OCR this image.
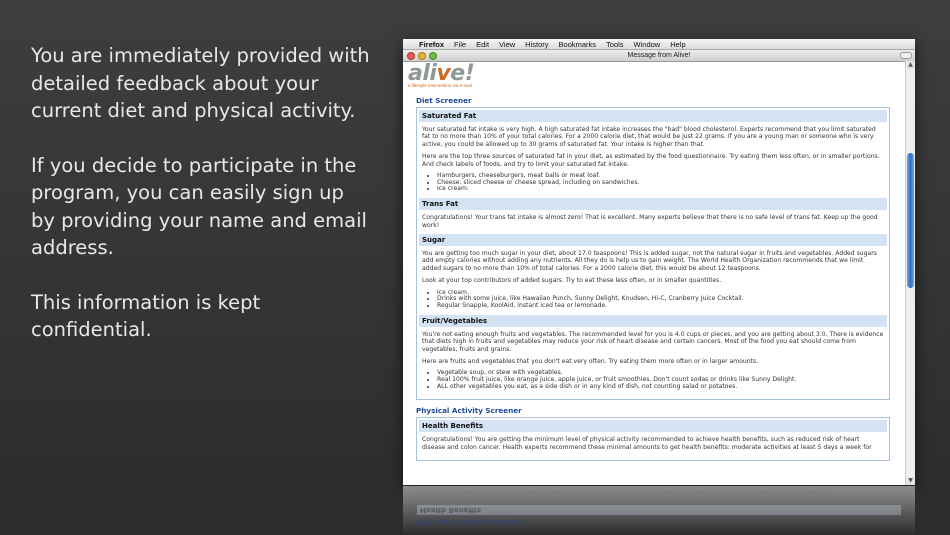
You are immediately provided with detailed feedback about your current diet and physical activity.

If you decide to participate in the program, you can easily sign up by providing your name and email address.

This information is kept confidential.

Firefox File Edit View History Bookmarks Tools Window Help
Message from Alive!
alive!
a lifestyle intervention via e-mail
Diet Screener
Saturated Fat

Your saturated fat intake is very high. A high saturated fat intake increases the "bad" blood cholesterol. Experts recommend that you limit saturated fat to no more than 10% of your total calories. For a 2000 calorie diet, that would be just 22 grams. If you are a young man or someone who is very active, you could be allowed up to 30 grams of saturated fat. Your intake is higher than that.

Here are the top three sources of saturated fat in your diet, as estimated by the food questionnaire. Try eating them less often, or in smaller portions. And check labels of foods, and try to limit your saturated fat intake.

• Hamburgers, cheeseburgers, meat balls or meat loaf.
• Cheese, sliced cheese or cheese spread, including on sandwiches.
• Ice cream.
Trans Fat

Congratulations! Your trans fat intake is almost zero! That is excellent. Many experts believe that there is no safe level of trans fat. Keep up the good work!

Sugar

You are getting too much sugar in your diet, about 17.0 teaspoons! This is added sugar, not the natural sugar in fruits and vegetables. Added sugars add empty calories without adding any nutrients. All they do is help us to gain weight. The World Health Organization recommends that we limit added sugars to no more than 10% of total calories. For a 2000 calorie diet, this would be about 12 teaspoons.

Look at your top contributors of added sugars. Try to eat these less often, or in smaller quantities.

• Ice cream.
• Drinks with some juice, like Hawaiian Punch, Sunny Delight, Knudsen, Hi-C, Cranberry Juice Cocktail.
• Regular Snapple, KoolAid, instant iced tea or lemonade.
Fruit/Vegetables

You're not eating enough fruits and vegetables. The recommended level for you is 4.0 cups or pieces, and you are getting about 3.0. There is evidence that diets high in fruits and vegetables may reduce your risk of heart disease and certain cancers. Most of the food you eat should come from vegetables, fruits and grains.

Here are fruits and vegetables that you don't eat very often. Try eating them more often or in larger amounts.

• Vegetable soup, or stew with vegetables.
• Real 100% fruit juice, like orange juice, apple juice, or fruit smoothies. Don't count sodas or drinks like Sunny Delight.
• ALL other vegetables you eat, as a side dish or in any kind of dish, not counting salad or potatoes.
Physical Activity Screener
Health Benefits

Congratulations! You are getting the minimum level of physical activity recommended to achieve health benefits, such as reduced risk of heart disease and colon cancer. Health experts recommend these minimal amounts to get health benefits: moderate activities at least 5 days a week for

▲
▼
Congratulations! You are getting the minimum level of physical activity recommended to achieve health benefits, such as reduced risk of heart disease and colon cancer. Health experts recommend these minimal amounts to get health benefits: moderate activities at least 5 days a week for
Health Benefits
Physical Activity Screener
